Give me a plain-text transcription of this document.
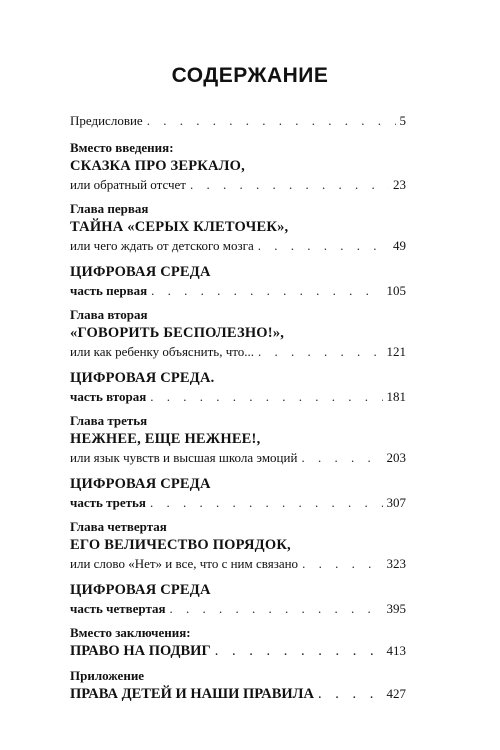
СОДЕРЖАНИЕ
Предисловие . . .	5
Вместо введения:
СКАЗКА ПРО ЗЕРКАЛО,
или обратный отсчет . . .	23
Глава первая
ТАЙНА «СЕРЫХ КЛЕТОЧЕК»,
или чего ждать от детского мозга . . .	49
ЦИФРОВАЯ СРЕДА
часть первая . . .	105
Глава вторая
«ГОВОРИТЬ БЕСПОЛЕЗНО!»,
или как ребенку объяснить, что... . . .	121
ЦИФРОВАЯ СРЕДА.
часть вторая . . .	181
Глава третья
НЕЖНЕЕ, ЕЩЕ НЕЖНЕЕ!,
или язык чувств и высшая школа эмоций . . .	203
ЦИФРОВАЯ СРЕДА
часть третья . . .	307
Глава четвертая
ЕГО ВЕЛИЧЕСТВО ПОРЯДОК,
или слово «Нет» и все, что с ним связано . . .	323
ЦИФРОВАЯ СРЕДА
часть четвертая . . .	395
Вместо заключения:
ПРАВО НА ПОДВИГ . . .	413
Приложение
ПРАВА ДЕТЕЙ И НАШИ ПРАВИЛА . . .	427
